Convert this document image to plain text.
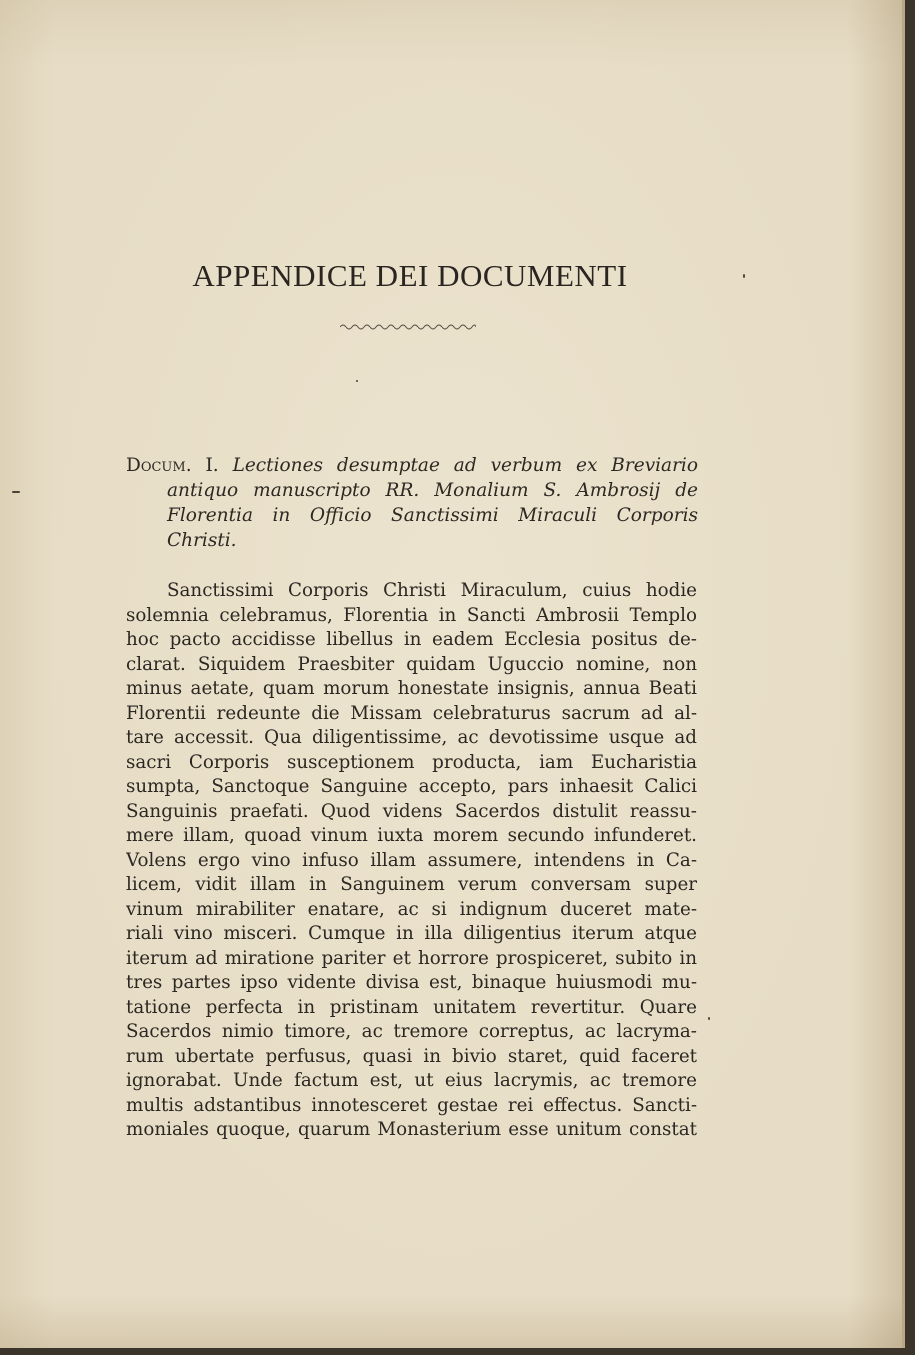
APPENDICE DEI DOCUMENTI
Docum. I. Lectiones desumptae ad verbum ex Breviario
antiquo manuscripto RR. Monalium S. Ambrosij de
Florentia in Officio Sanctissimi Miraculi Corporis
Christi.
Sanctissimi Corporis Christi Miraculum, cuius hodie
solemnia celebramus, Florentia in Sancti Ambrosii Templo
hoc pacto accidisse libellus in eadem Ecclesia positus de-
clarat. Siquidem Praesbiter quidam Uguccio nomine, non
minus aetate, quam morum honestate insignis, annua Beati
Florentii redeunte die Missam celebraturus sacrum ad al-
tare accessit. Qua diligentissime, ac devotissime usque ad
sacri Corporis susceptionem producta, iam Eucharistia
sumpta, Sanctoque Sanguine accepto, pars inhaesit Calici
Sanguinis praefati. Quod videns Sacerdos distulit reassu-
mere illam, quoad vinum iuxta morem secundo infunderet.
Volens ergo vino infuso illam assumere, intendens in Ca-
licem, vidit illam in Sanguinem verum conversam super
vinum mirabiliter enatare, ac si indignum duceret mate-
riali vino misceri. Cumque in illa diligentius iterum atque
iterum ad miratione pariter et horrore prospiceret, subito in
tres partes ipso vidente divisa est, binaque huiusmodi mu-
tatione perfecta in pristinam unitatem revertitur. Quare
Sacerdos nimio timore, ac tremore correptus, ac lacryma-
rum ubertate perfusus, quasi in bivio staret, quid faceret
ignorabat. Unde factum est, ut eius lacrymis, ac tremore
multis adstantibus innotesceret gestae rei effectus. Sancti-
moniales quoque, quarum Monasterium esse unitum constat
